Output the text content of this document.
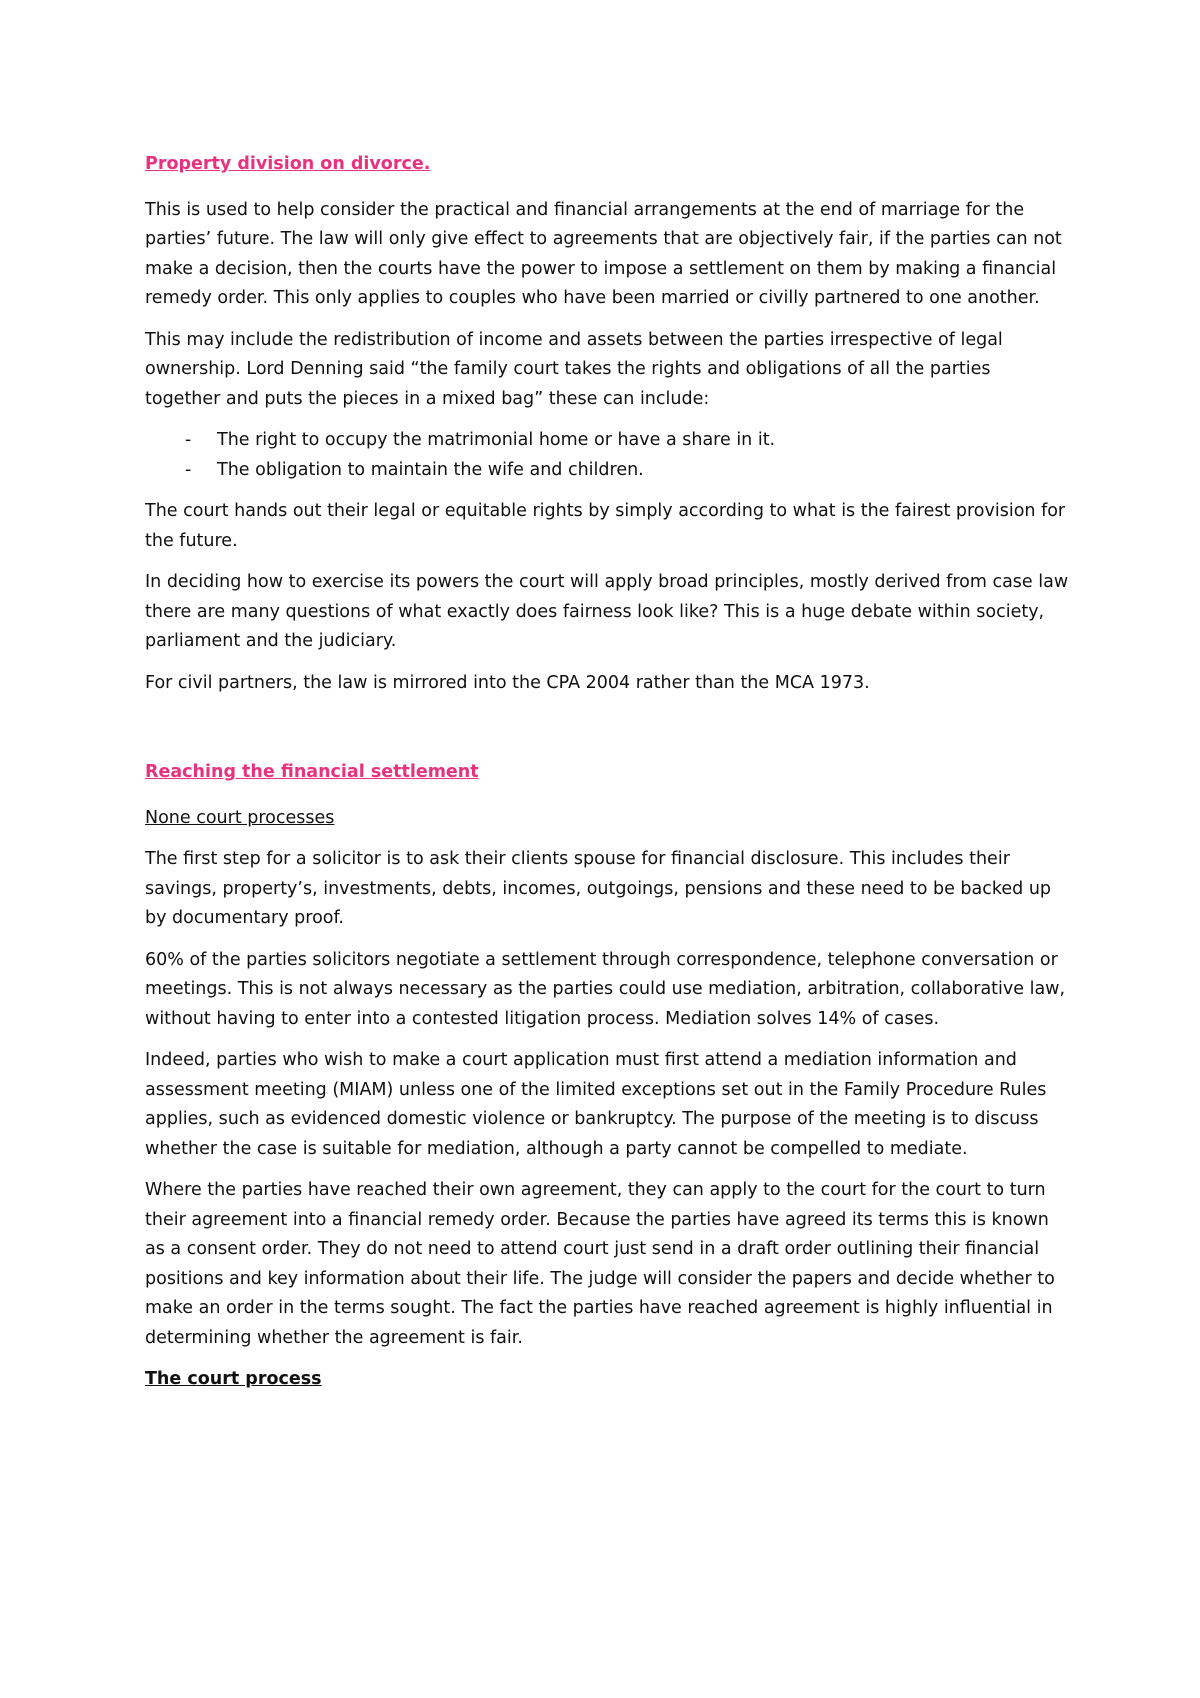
Property division on divorce.

This is used to help consider the practical and financial arrangements at the end of marriage for the parties’ future. The law will only give effect to agreements that are objectively fair, if the parties can not make a decision, then the courts have the power to impose a settlement on them by making a financial remedy order. This only applies to couples who have been married or civilly partnered to one another.

This may include the redistribution of income and assets between the parties irrespective of legal ownership. Lord Denning said “the family court takes the rights and obligations of all the parties together and puts the pieces in a mixed bag” these can include:

- The right to occupy the matrimonial home or have a share in it.
- The obligation to maintain the wife and children.

The court hands out their legal or equitable rights by simply according to what is the fairest provision for the future.

In deciding how to exercise its powers the court will apply broad principles, mostly derived from case law there are many questions of what exactly does fairness look like? This is a huge debate within society, parliament and the judiciary.

For civil partners, the law is mirrored into the CPA 2004 rather than the MCA 1973.

Reaching the financial settlement

None court processes

The first step for a solicitor is to ask their clients spouse for financial disclosure. This includes their savings, property’s, investments, debts, incomes, outgoings, pensions and these need to be backed up by documentary proof.

60% of the parties solicitors negotiate a settlement through correspondence, telephone conversation or meetings. This is not always necessary as the parties could use mediation, arbitration, collaborative law, without having to enter into a contested litigation process. Mediation solves 14% of cases.

Indeed, parties who wish to make a court application must first attend a mediation information and assessment meeting (MIAM) unless one of the limited exceptions set out in the Family Procedure Rules applies, such as evidenced domestic violence or bankruptcy. The purpose of the meeting is to discuss whether the case is suitable for mediation, although a party cannot be compelled to mediate.

Where the parties have reached their own agreement, they can apply to the court for the court to turn their agreement into a financial remedy order. Because the parties have agreed its terms this is known as a consent order. They do not need to attend court just send in a draft order outlining their financial positions and key information about their life. The judge will consider the papers and decide whether to make an order in the terms sought. The fact the parties have reached agreement is highly influential in determining whether the agreement is fair.

The court process
